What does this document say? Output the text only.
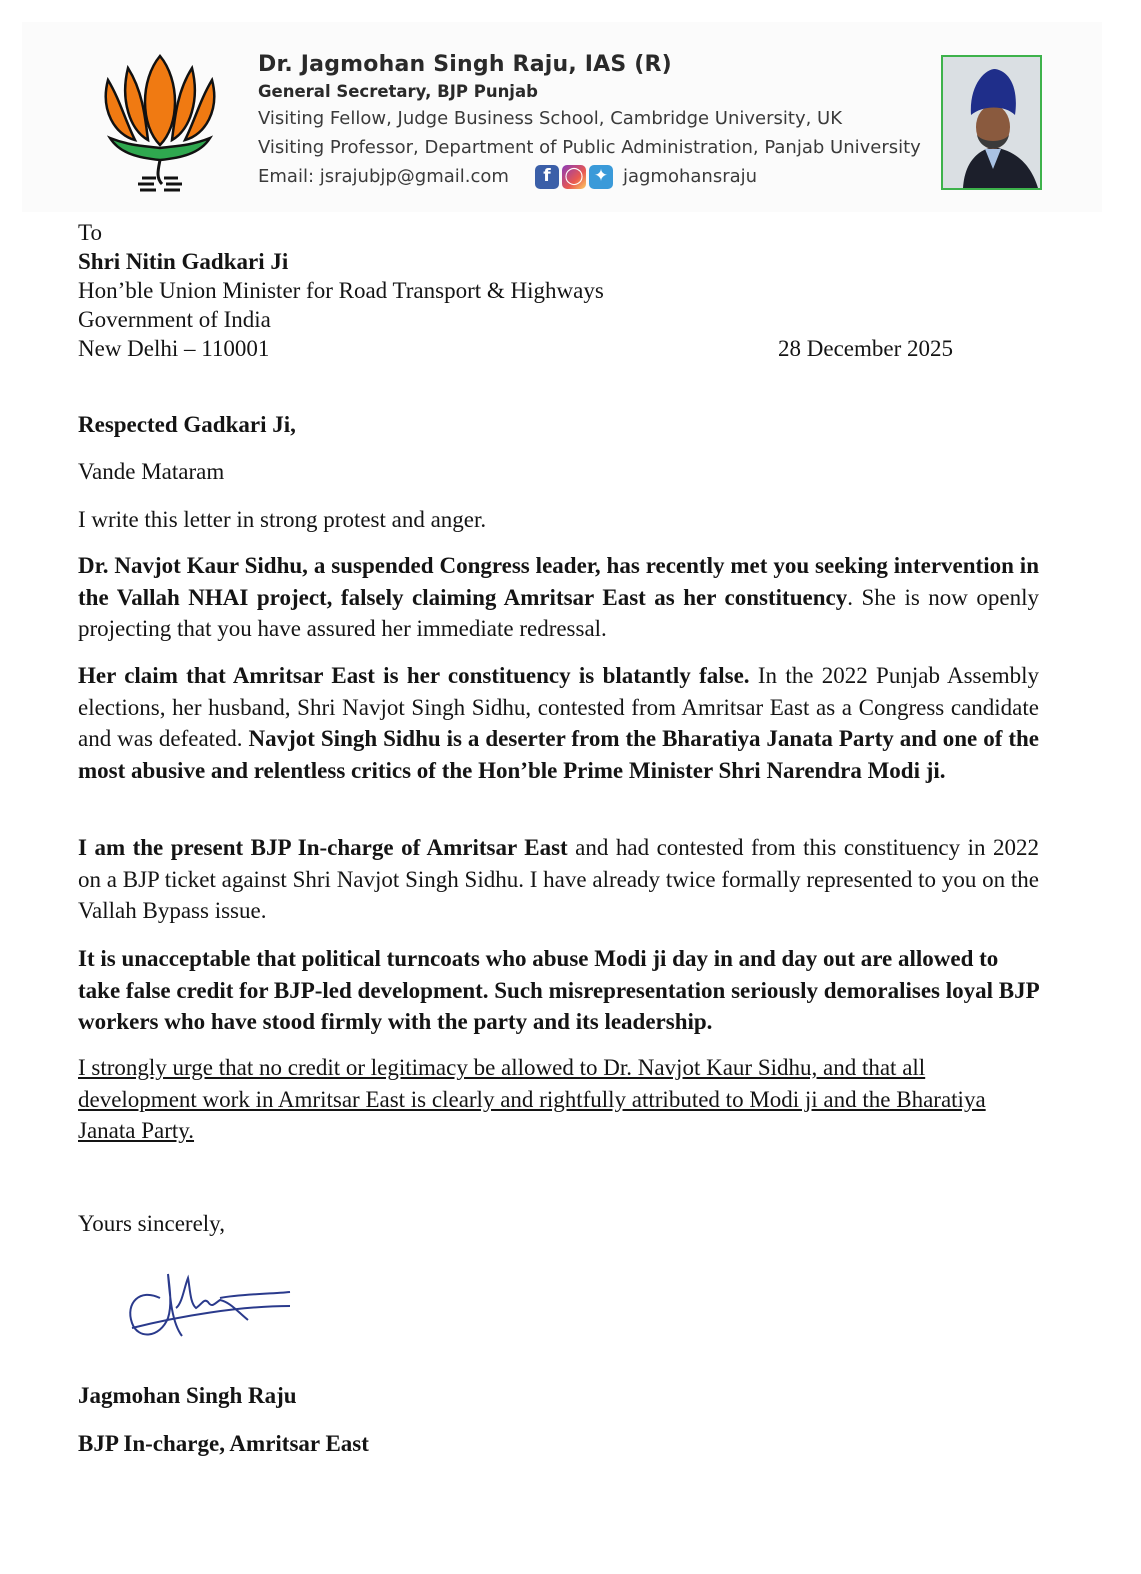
Dr. Jagmohan Singh Raju, IAS (R)
General Secretary, BJP Punjab
Visiting Fellow, Judge Business School, Cambridge University, UK
Visiting Professor, Department of Public Administration, Panjab University
Email: jsrajubjp@gmail.com	f ◯ ✦ jagmohansraju
To
Shri Nitin Gadkari Ji
Hon’ble Union Minister for Road Transport & Highways
Government of India
New Delhi – 110001	28 December 2025
Respected Gadkari Ji,
Vande Mataram
I write this letter in strong protest and anger.
Dr. Navjot Kaur Sidhu, a suspended Congress leader, has recently met you seeking intervention in the Vallah NHAI project, falsely claiming Amritsar East as her constituency. She is now openly projecting that you have assured her immediate redressal.
Her claim that Amritsar East is her constituency is blatantly false. In the 2022 Punjab Assembly elections, her husband, Shri Navjot Singh Sidhu, contested from Amritsar East as a Congress candidate and was defeated. Navjot Singh Sidhu is a deserter from the Bharatiya Janata Party and one of the most abusive and relentless critics of the Hon’ble Prime Minister Shri Narendra Modi ji.
I am the present BJP In-charge of Amritsar East and had contested from this constituency in 2022 on a BJP ticket against Shri Navjot Singh Sidhu. I have already twice formally represented to you on the Vallah Bypass issue.
It is unacceptable that political turncoats who abuse Modi ji day in and day out are allowed to take false credit for BJP-led development. Such misrepresentation seriously demoralises loyal BJP workers who have stood firmly with the party and its leadership.
I strongly urge that no credit or legitimacy be allowed to Dr. Navjot Kaur Sidhu, and that all development work in Amritsar East is clearly and rightfully attributed to Modi ji and the Bharatiya Janata Party.
Yours sincerely,
Jagmohan Singh Raju
BJP In-charge, Amritsar East
